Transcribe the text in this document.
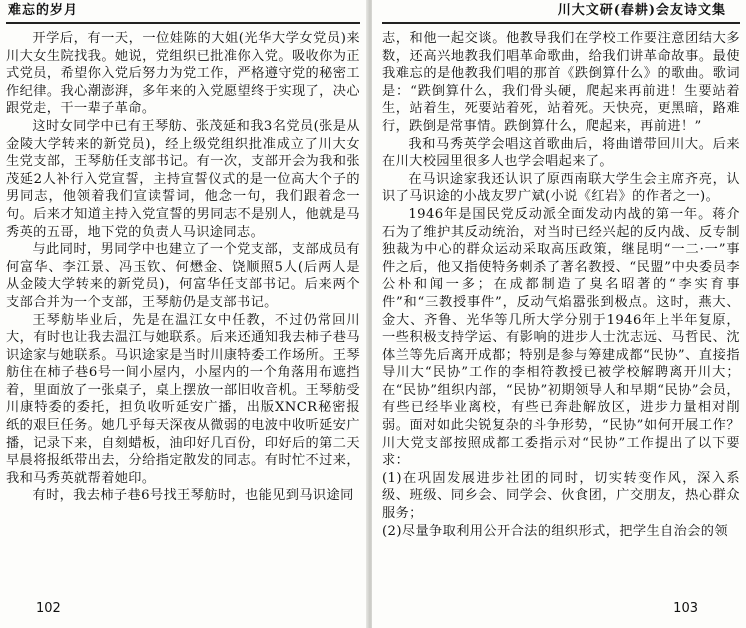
难忘的岁月

开学后，有一天，一位娃陈的大姐(光华大学女党员)来川大女生院找我。她说，党组织已批准你入党。吸收你为正式党员，希望你入党后努力为党工作，严格遵守党的秘密工作纪律。我心潮澎湃，多年来的入党愿望终于实现了，决心跟党走，干一辈子革命。

这时女同学中已有王琴舫、张茂延和我3名党员(张是从金陵大学转来的新党员)，经上级党组织批准成立了川大女生党支部，王琴舫任支部书记。有一次，支部开会为我和张茂延2人补行入党宣誓，主持宣誓仪式的是一位高大个子的男同志，他领着我们宣读誓词，他念一句，我们跟着念一句。后来才知道主持入党宣誓的男同志不是别人，他就是马秀英的五哥，地下党的负责人马识途同志。

与此同时，男同学中也建立了一个党支部，支部成员有何富华、李江景、冯玉钦、何懋金、饶顺照5人(后两人是从金陵大学转来的新党员)，何富华任支部书记。后来两个支部合并为一个支部，王琴舫仍是支部书记。

王琴舫毕业后，先是在温江女中任教，不过仍常回川大，有时也让我去温江与她联系。后来还通知我去柿子巷马识途家与她联系。马识途家是当时川康特委工作场所。王琴舫住在柿子巷6号一间小屋内，小屋内的一个角落用布遮挡着，里面放了一张桌子，桌上摆放一部旧收音机。王琴舫受川康特委的委托，担负收听延安广播，出版XNCR秘密报纸的艰巨任务。她几乎每天深夜从微弱的电波中收听延安广播，记录下来，自刻蜡板，油印好几百份，印好后的第二天早晨将报纸带出去，分给指定散发的同志。有时忙不过来，我和马秀英就帮着她印。

有时，我去柿子巷6号找王琴舫时，也能见到马识途同

102
川大文研(春耕)会友诗文集

志，和他一起交谈。他教导我们在学校工作要注意团结大多数，还高兴地教我们唱革命歌曲，给我们讲革命故事。最使我难忘的是他教我们唱的那首《跌倒算什么》的歌曲。歌词是：“跌倒算什么，我们骨头硬，爬起来再前进！生要站着生，站着生，死要站着死，站着死。天快亮，更黑暗，路难行，跌倒是常事情。跌倒算什么，爬起来，再前进！”

我和马秀英学会唱这首歌曲后，将曲谱带回川大。后来在川大校园里很多人也学会唱起来了。

在马识途家我还认识了原西南联大学生会主席齐亮，认识了马识途的小战友罗广斌(小说《红岩》的作者之一)。

1946年是国民党反动派全面发动内战的第一年。蒋介石为了维护其反动统治，对当时已经兴起的反内战、反专制独裁为中心的群众运动采取高压政策，继昆明“一二·一”事件之后，他又指使特务刺杀了著名教授、“民盟”中央委员李公朴和闻一多；在成都制造了臭名昭著的“李实育事件”和“三教授事件”，反动气焰嚣张到极点。这时，燕大、金大、齐鲁、光华等几所大学分别于1946年上半年复原，一些积极支持学运、有影响的进步人士沈志远、马哲民、沈体兰等先后离开成都；特别是参与筹建成都“民协”、直接指导川大“民协”工作的李相符教授已被学校解聘离开川大；在“民协”组织内部，“民协”初期领导人和早期“民协”会员，有些已经毕业离校，有些已奔赴解放区，进步力量相对削弱。面对如此尖锐复杂的斗争形势，“民协”如何开展工作？川大党支部按照成都工委指示对“民协”工作提出了以下要求：

(1)在巩固发展进步社团的同时，切实转变作风，深入系级、班级、同乡会、同学会、伙食团，广交朋友，热心群众服务；

(2)尽量争取利用公开合法的组织形式，把学生自治会的领

103
